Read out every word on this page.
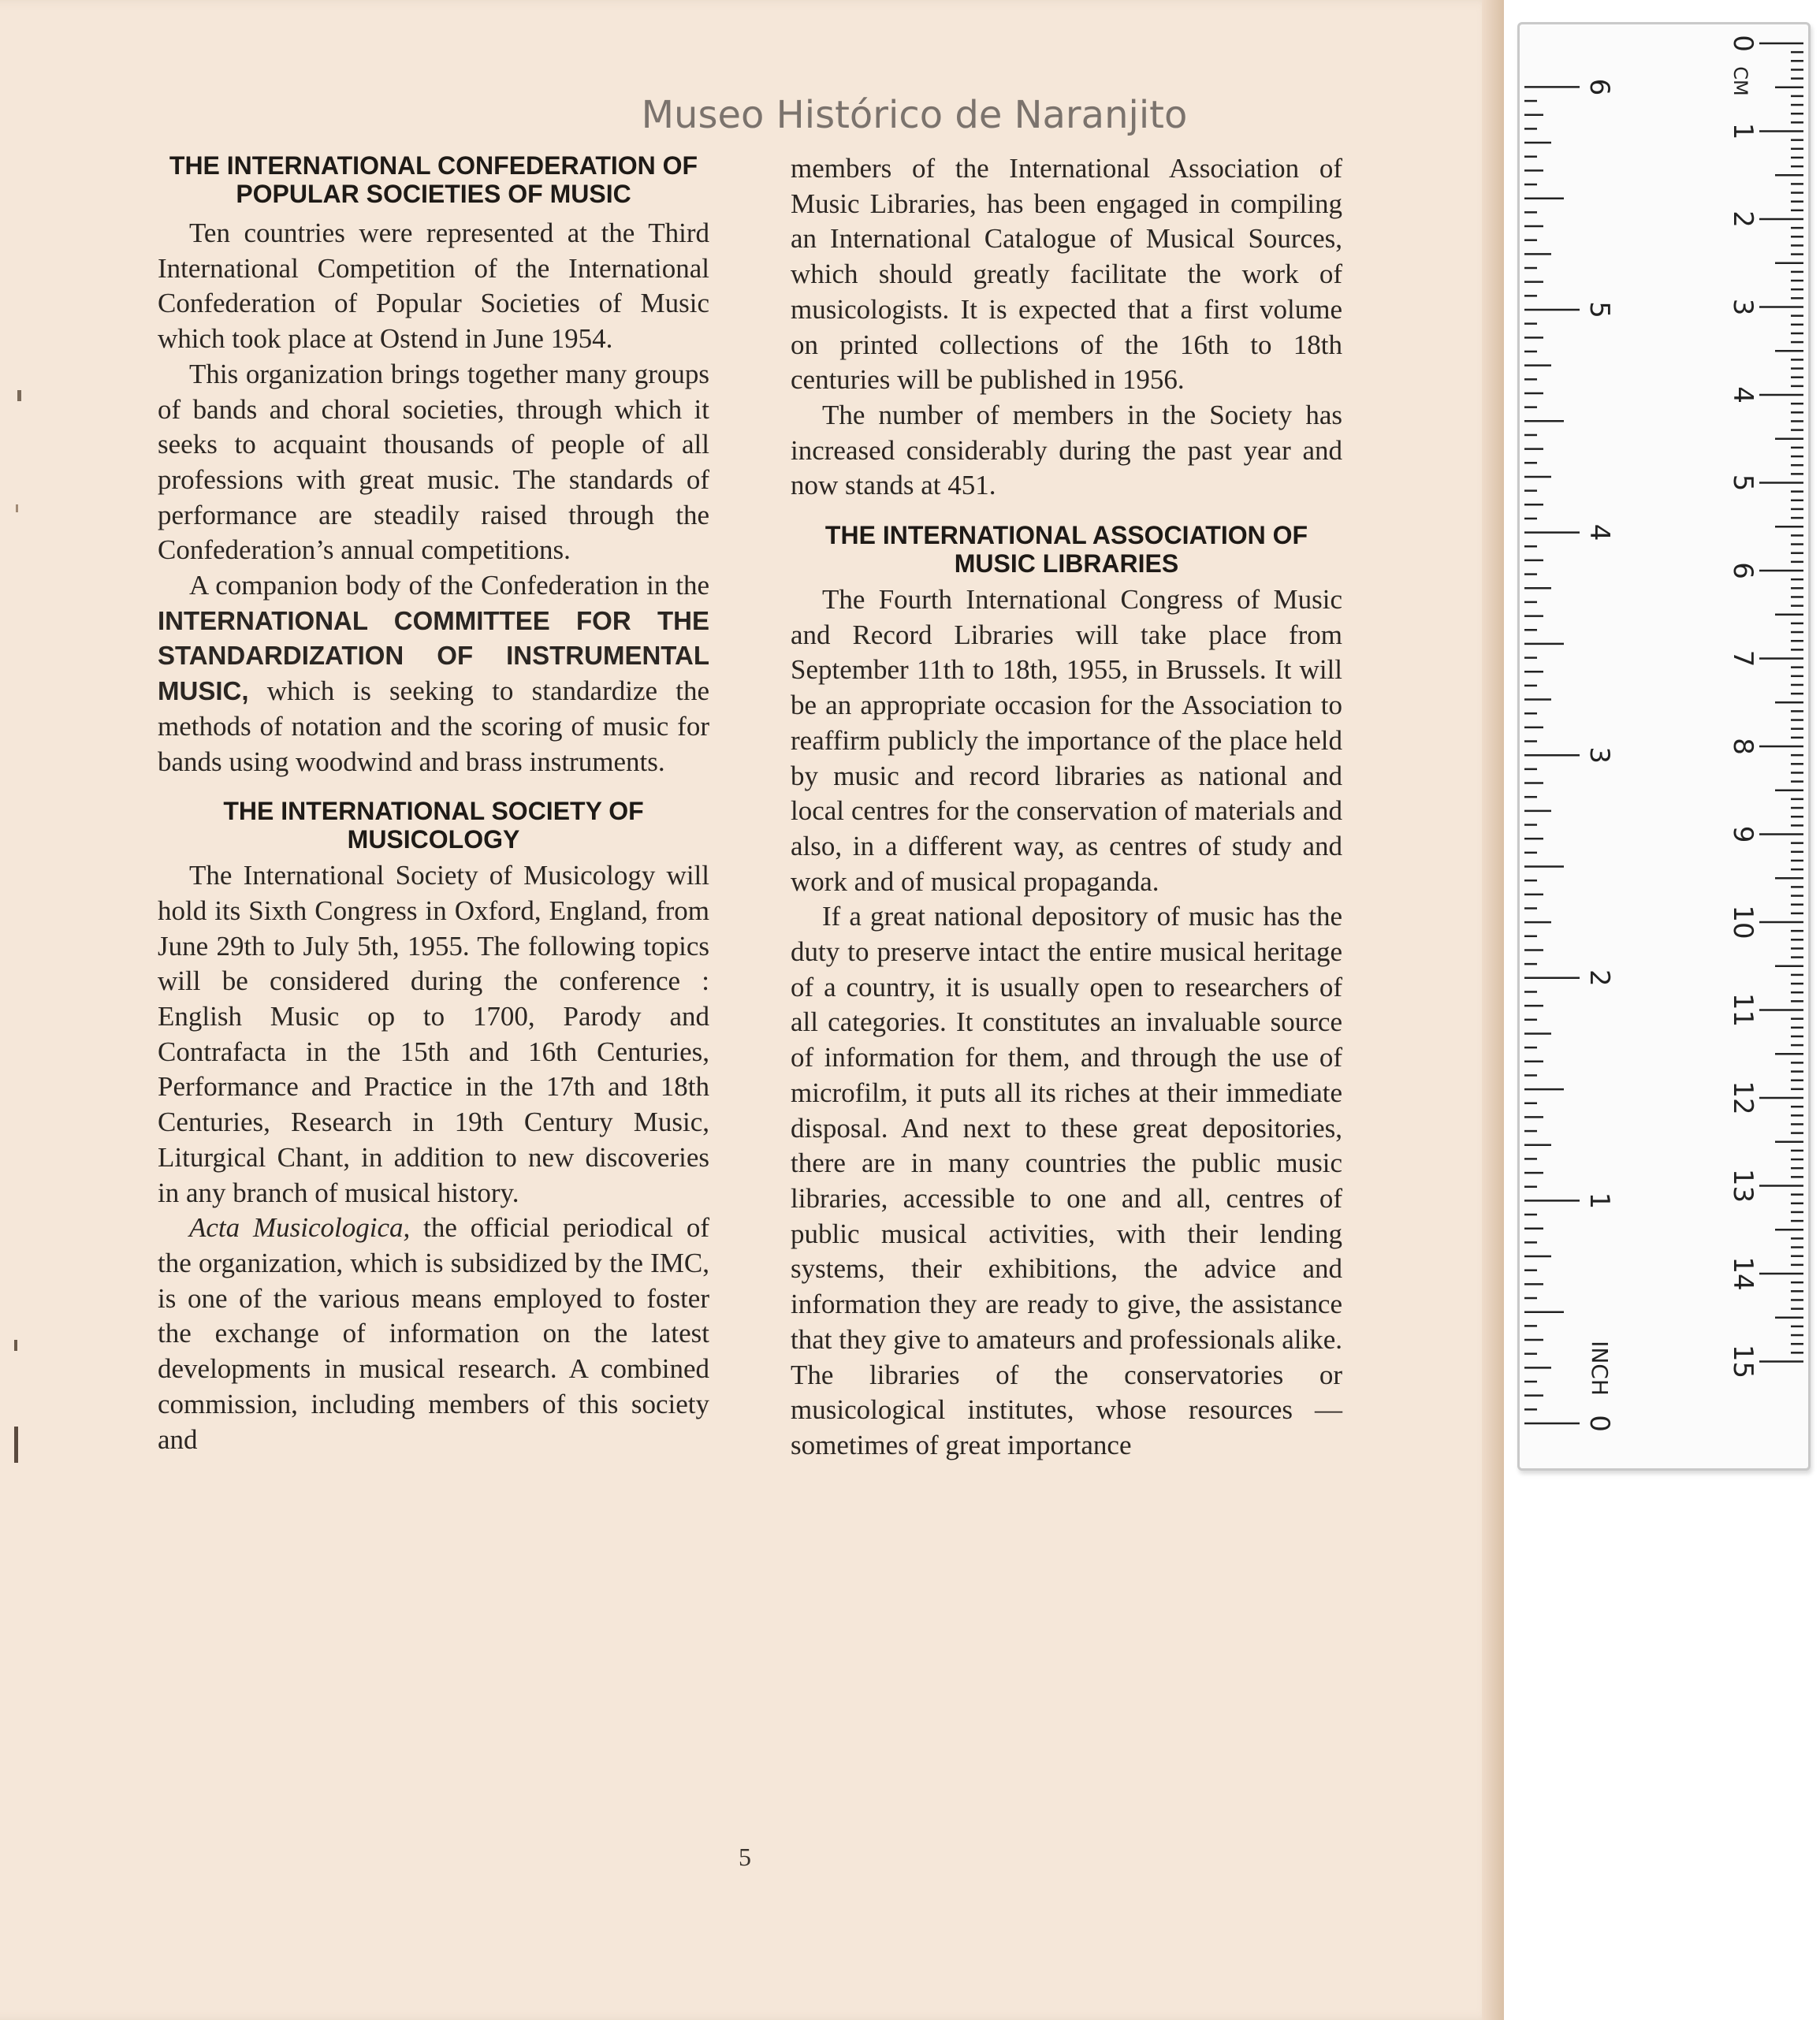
Museo Histórico de Naranjito
THE INTERNATIONAL CONFEDERATION OF POPULAR SOCIETIES OF MUSIC

Ten countries were represented at the Third International Competition of the International Confederation of Popular Societies of Music which took place at Ostend in June 1954.

This organization brings together many groups of bands and choral societies, through which it seeks to acquaint thousands of people of all professions with great music. The standards of performance are steadily raised through the Confederation’s annual competitions.

A companion body of the Confederation in the INTERNATIONAL COMMITTEE FOR THE STANDARDIZATION OF INSTRUMENTAL MUSIC, which is seeking to standardize the methods of notation and the scoring of music for bands using woodwind and brass instruments.

THE INTERNATIONAL SOCIETY OF MUSICOLOGY

The International Society of Musicology will hold its Sixth Congress in Oxford, England, from June 29th to July 5th, 1955. The following topics will be considered during the conference : English Music op to 1700, Parody and Contrafacta in the 15th and 16th Centuries, Performance and Practice in the 17th and 18th Centuries, Research in 19th Century Music, Liturgical Chant, in addition to new discoveries in any branch of musical history.

Acta Musicologica, the official periodical of the organization, which is subsidized by the IMC, is one of the various means employed to foster the exchange of information on the latest developments in musical research. A combined commission, including members of this society and

members of the International Association of Music Libraries, has been engaged in compiling an International Catalogue of Musical Sources, which should greatly facilitate the work of musicologists. It is expected that a first volume on printed collections of the 16th to 18th centuries will be published in 1956.

The number of members in the Society has increased considerably during the past year and now stands at 451.

THE INTERNATIONAL ASSOCIATION OF MUSIC LIBRARIES

The Fourth International Congress of Music and Record Libraries will take place from September 11th to 18th, 1955, in Brussels. It will be an appropriate occasion for the Association to reaffirm publicly the importance of the place held by music and record libraries as national and local centres for the conservation of materials and also, in a different way, as centres of study and work and of musical propaganda.

If a great national depository of music has the duty to preserve intact the entire musical heritage of a country, it is usually open to researchers of all categories. It constitutes an invaluable source of information for them, and through the use of microfilm, it puts all its riches at their immediate disposal. And next to these great depositories, there are in many countries the public music libraries, accessible to one and all, centres of public musical activities, with their lending systems, their exhibitions, the advice and information they are ready to give, the assistance that they give to amateurs and professionals alike. The libraries of the conservatories or musicological institutes, whose resources — sometimes of great importance

5
0
1
2
3
4
5
6
INCH
0
1
2
3
4
5
6
7
8
9
10
11
12
13
14
15
CM
